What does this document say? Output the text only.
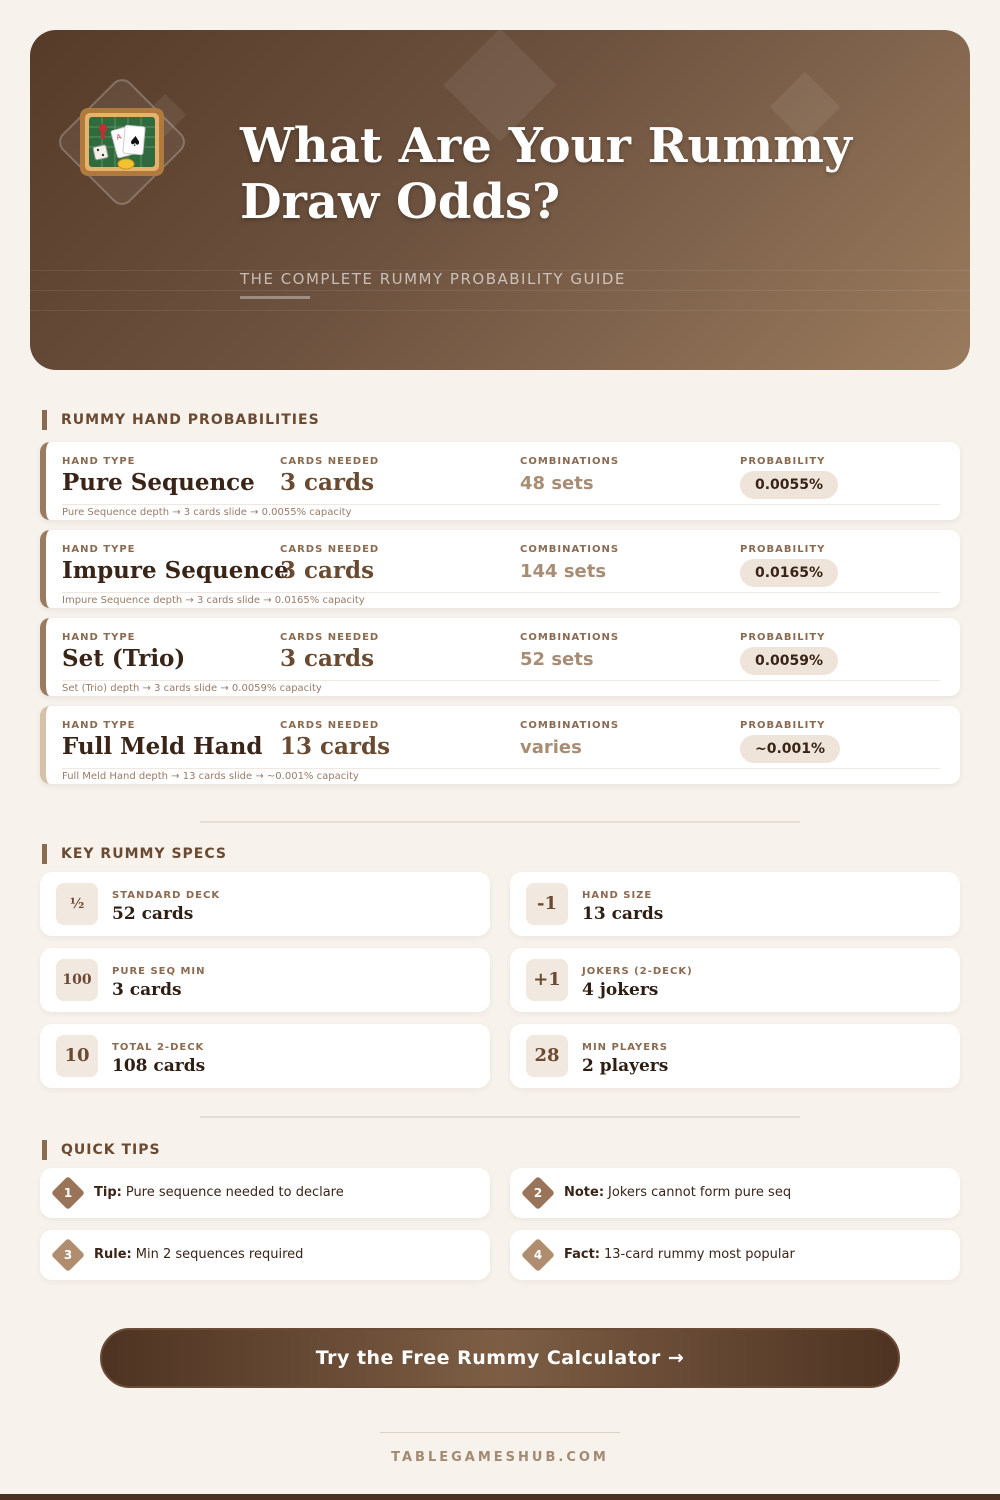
A ♠ What Are Your Rummy Draw Odds?
THE COMPLETE RUMMY PROBABILITY GUIDE
RUMMY HAND PROBABILITIES
HAND TYPE
Pure Sequence
CARDS NEEDED
3 cards
COMBINATIONS
48 sets
PROBABILITY
0.0055%
Pure Sequence depth → 3 cards slide → 0.0055% capacity
HAND TYPE
Impure Sequence
CARDS NEEDED
3 cards
COMBINATIONS
144 sets
PROBABILITY
0.0165%
Impure Sequence depth → 3 cards slide → 0.0165% capacity
HAND TYPE
Set (Trio)
CARDS NEEDED
3 cards
COMBINATIONS
52 sets
PROBABILITY
0.0059%
Set (Trio) depth → 3 cards slide → 0.0059% capacity
HAND TYPE
Full Meld Hand
CARDS NEEDED
13 cards
COMBINATIONS
varies
PROBABILITY
~0.001%
Full Meld Hand depth → 13 cards slide → ~0.001% capacity
KEY RUMMY SPECS
½
STANDARD DECK
52 cards	-1	HAND SIZE
13 cards
100
PURE SEQ MIN
3 cards	+1	JOKERS (2-DECK)
4 jokers
10	TOTAL 2-DECK
108 cards	28	MIN PLAYERS
2 players
QUICK TIPS
1	Tip: Pure sequence needed to declare	2	Note: Jokers cannot form pure seq
3	Rule: Min 2 sequences required	4	Fact: 13-card rummy most popular
Try the Free Rummy Calculator →
TABLEGAMESHUB.COM
